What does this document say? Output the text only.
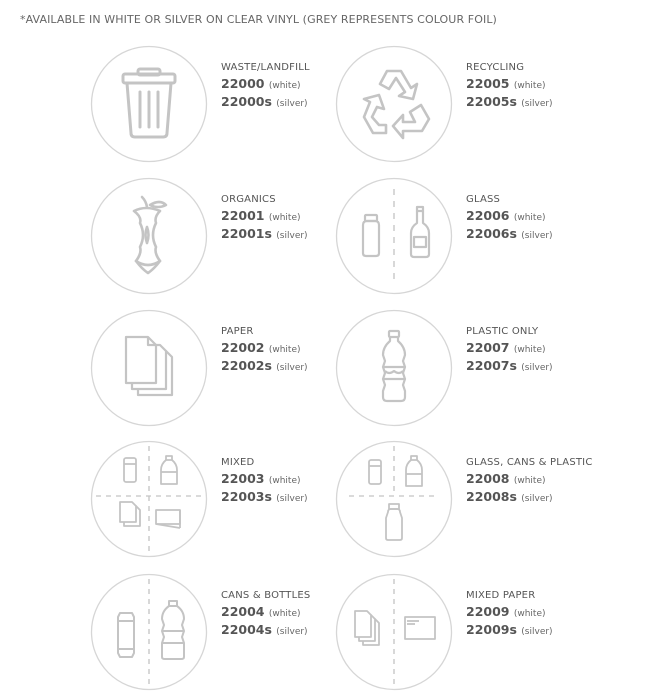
*AVAILABLE IN WHITE OR SILVER ON CLEAR VINYL (GREY REPRESENTS COLOUR FOIL)
WASTE/LANDFILL
22000 (white)
22000s (silver)
RECYCLING
22005 (white)
22005s (silver)
ORGANICS
22001 (white)
22001s (silver)
GLASS
22006 (white)
22006s (silver)
PAPER
22002 (white)
22002s (silver)
PLASTIC ONLY
22007 (white)
22007s (silver)
MIXED
22003 (white)
22003s (silver)
GLASS, CANS & PLASTIC
22008 (white)
22008s (silver)
CANS & BOTTLES
22004 (white)
22004s (silver)
MIXED PAPER
22009 (white)
22009s (silver)
